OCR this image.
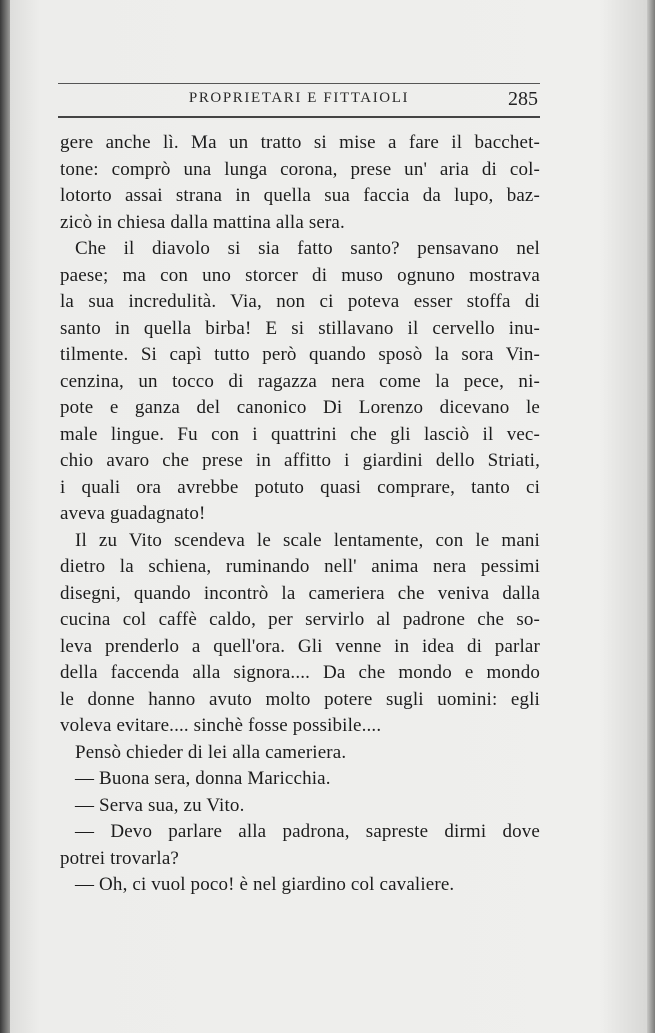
PROPRIETARI E FITTAIOLI	285
gere anche lì. Ma un tratto si mise a fare il bacchet-
tone: comprò una lunga corona, prese un' aria di col-
lotorto assai strana in quella sua faccia da lupo, baz-
zicò in chiesa dalla mattina alla sera.
Che il diavolo si sia fatto santo? pensavano nel
paese; ma con uno storcer di muso ognuno mostrava
la sua incredulità. Via, non ci poteva esser stoffa di
santo in quella birba! E si stillavano il cervello inu-
tilmente. Si capì tutto però quando sposò la sora Vin-
cenzina, un tocco di ragazza nera come la pece, ni-
pote e ganza del canonico Di Lorenzo dicevano le
male lingue. Fu con i quattrini che gli lasciò il vec-
chio avaro che prese in affitto i giardini dello Striati,
i quali ora avrebbe potuto quasi comprare, tanto ci
aveva guadagnato!
Il zu Vito scendeva le scale lentamente, con le mani
dietro la schiena, ruminando nell' anima nera pessimi
disegni, quando incontrò la cameriera che veniva dalla
cucina col caffè caldo, per servirlo al padrone che so-
leva prenderlo a quell'ora. Gli venne in idea di parlar
della faccenda alla signora.... Da che mondo e mondo
le donne hanno avuto molto potere sugli uomini: egli
voleva evitare.... sinchè fosse possibile....
Pensò chieder di lei alla cameriera.
— Buona sera, donna Maricchia.
— Serva sua, zu Vito.
— Devo parlare alla padrona, sapreste dirmi dove
potrei trovarla?
— Oh, ci vuol poco! è nel giardino col cavaliere.
